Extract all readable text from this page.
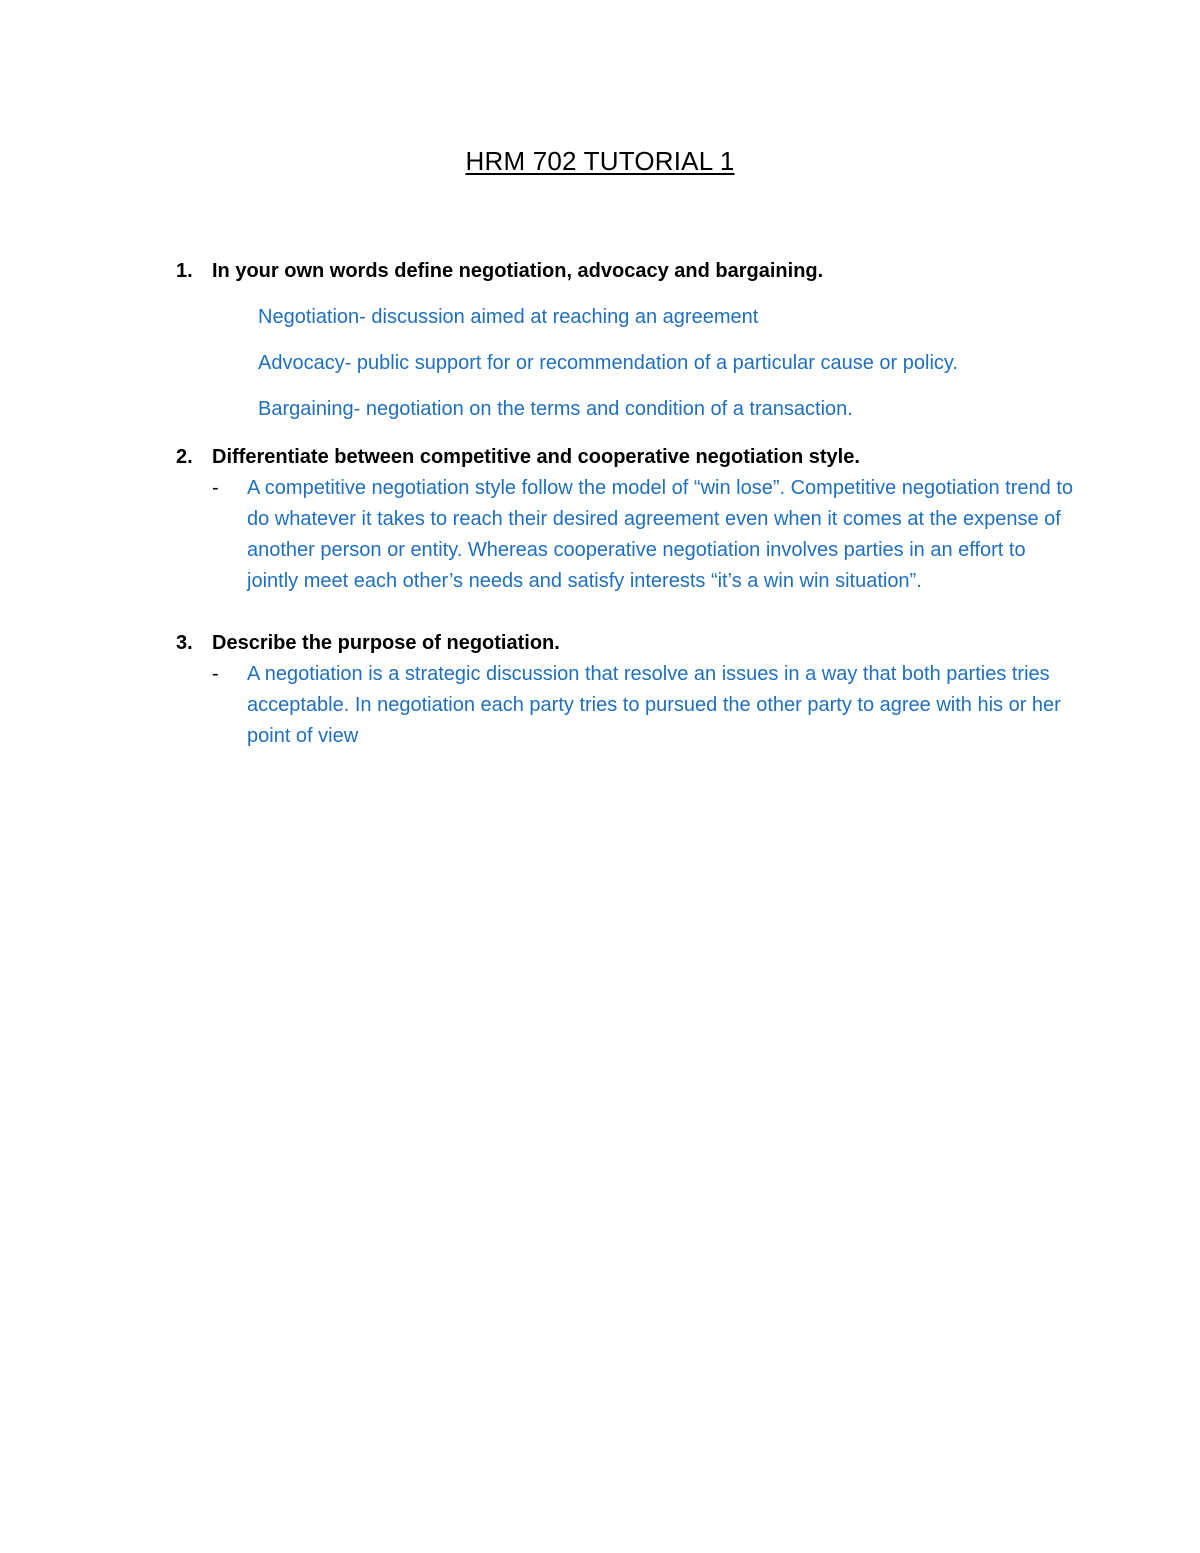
HRM 702 TUTORIAL 1
1. In your own words define negotiation, advocacy and bargaining.
Negotiation- discussion aimed at reaching an agreement
Advocacy- public support for or recommendation of a particular cause or policy.
Bargaining- negotiation on the terms and condition of a transaction.
2. Differentiate between competitive and cooperative negotiation style.
-	A competitive negotiation style follow the model of “win lose”. Competitive negotiation trend to do whatever it takes to reach their desired agreement even when it comes at the expense of another person or entity. Whereas cooperative negotiation involves parties in an effort to jointly meet each other’s needs and satisfy interests “it’s a win win situation”.
3. Describe the purpose of negotiation.
-	A negotiation is a strategic discussion that resolve an issues in a way that both parties tries acceptable. In negotiation each party tries to pursued the other party to agree with his or her point of view
